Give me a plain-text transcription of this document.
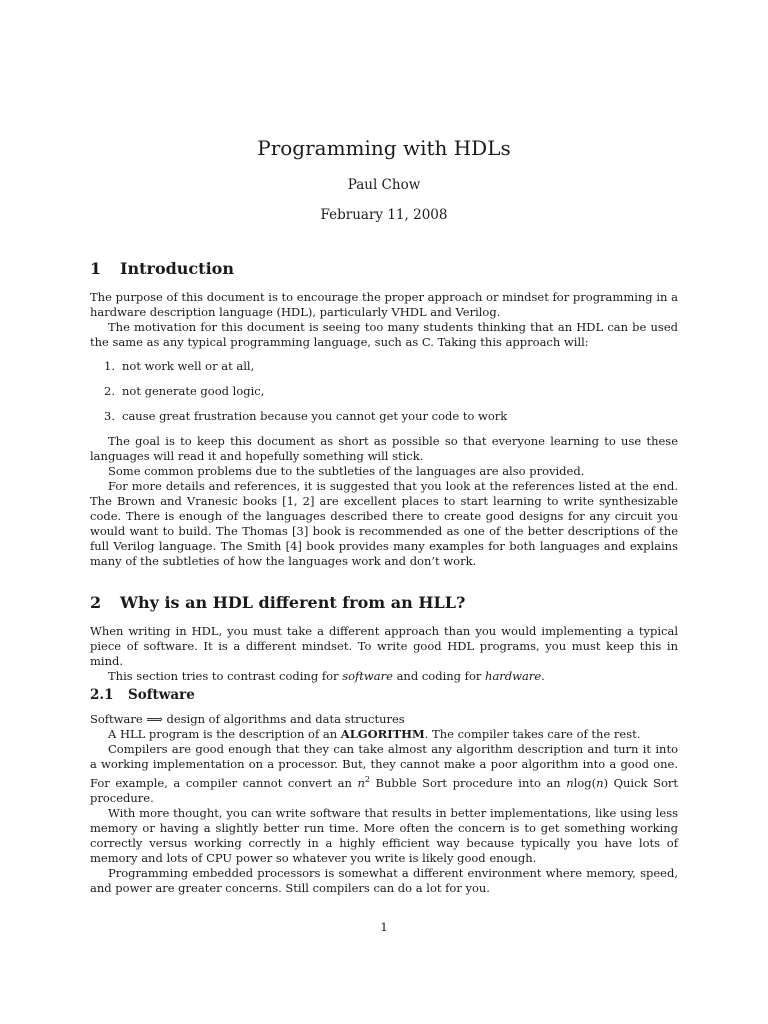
Programming with HDLs
Paul Chow
February 11, 2008
1 Introduction

The purpose of this document is to encourage the proper approach or mindset for programming in a hardware description language (HDL), particularly VHDL and Verilog.

The motivation for this document is seeing too many students thinking that an HDL can be used the same as any typical programming language, such as C. Taking this approach will:

1. not work well or at all,
2. not generate good logic,
3. cause great frustration because you cannot get your code to work

The goal is to keep this document as short as possible so that everyone learning to use these languages will read it and hopefully something will stick.

Some common problems due to the subtleties of the languages are also provided.

For more details and references, it is suggested that you look at the references listed at the end. The Brown and Vranesic books [1, 2] are excellent places to start learning to write synthesizable code. There is enough of the languages described there to create good designs for any circuit you would want to build. The Thomas [3] book is recommended as one of the better descriptions of the full Verilog language. The Smith [4] book provides many examples for both languages and explains many of the subtleties of how the languages work and don’t work.

2 Why is an HDL different from an HLL?

When writing in HDL, you must take a different approach than you would implementing a typical piece of software. It is a different mindset. To write good HDL programs, you must keep this in mind.

This section tries to contrast coding for software and coding for hardware.

2.1 Software

Software ⟹ design of algorithms and data structures

A HLL program is the description of an ALGORITHM. The compiler takes care of the rest.

Compilers are good enough that they can take almost any algorithm description and turn it into a working implementation on a processor. But, they cannot make a poor algorithm into a good one. For example, a compiler cannot convert an $n^2$ Bubble Sort procedure into an nlog(n) Quick Sort procedure.

With more thought, you can write software that results in better implementations, like using less memory or having a slightly better run time. More often the concern is to get something working correctly versus working correctly in a highly efficient way because typically you have lots of memory and lots of CPU power so whatever you write is likely good enough.

Programming embedded processors is somewhat a different environment where memory, speed, and power are greater concerns. Still compilers can do a lot for you.

1
